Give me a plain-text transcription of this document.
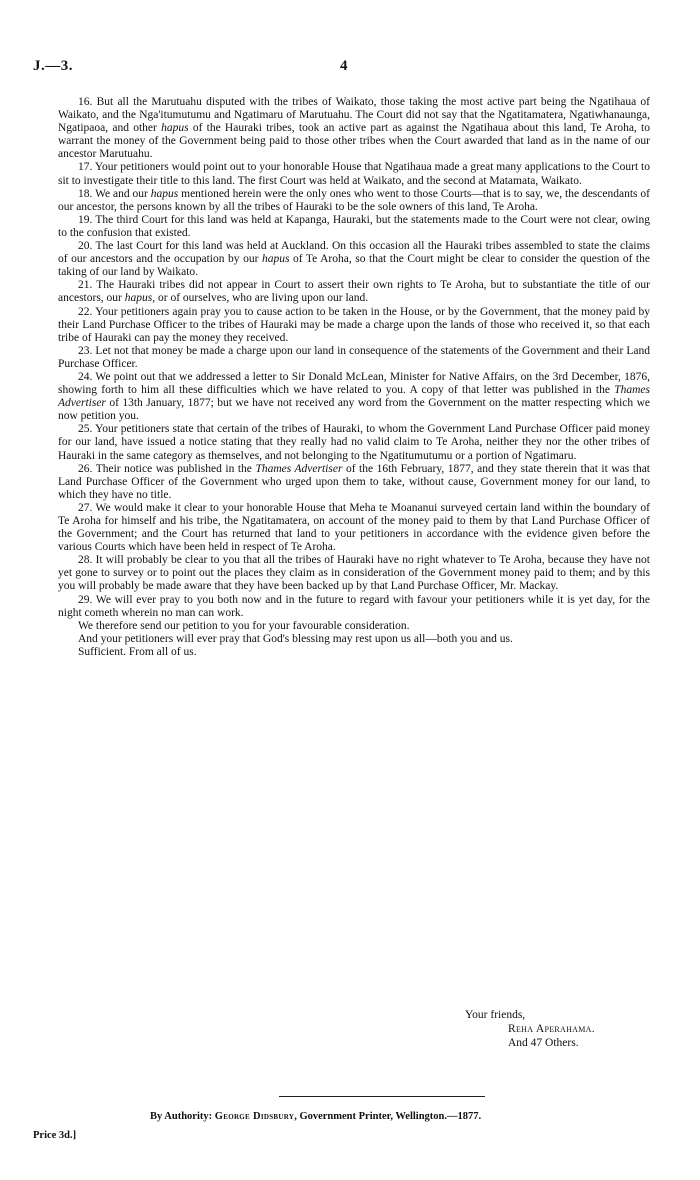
J.—3.	4

16. But all the Marutuahu disputed with the tribes of Waikato, those taking the most active part being the Ngatihaua of Waikato, and the Nga'itumutumu and Ngatimaru of Marutuahu. The Court did not say that the Ngatitamatera, Ngatiwhanaunga, Ngatipaoa, and other hapus of the Hauraki tribes, took an active part as against the Ngatihaua about this land, Te Aroha, to warrant the money of the Government being paid to those other tribes when the Court awarded that land as in the name of our ancestor Marutuahu.

17. Your petitioners would point out to your honorable House that Ngatihaua made a great many applications to the Court to sit to investigate their title to this land. The first Court was held at Waikato, and the second at Matamata, Waikato.

18. We and our hapus mentioned herein were the only ones who went to those Courts—that is to say, we, the descendants of our ancestor, the persons known by all the tribes of Hauraki to be the sole owners of this land, Te Aroha.

19. The third Court for this land was held at Kapanga, Hauraki, but the statements made to the Court were not clear, owing to the confusion that existed.

20. The last Court for this land was held at Auckland. On this occasion all the Hauraki tribes assembled to state the claims of our ancestors and the occupation by our hapus of Te Aroha, so that the Court might be clear to consider the question of the taking of our land by Waikato.

21. The Hauraki tribes did not appear in Court to assert their own rights to Te Aroha, but to substantiate the title of our ancestors, our hapus, or of ourselves, who are living upon our land.

22. Your petitioners again pray you to cause action to be taken in the House, or by the Government, that the money paid by their Land Purchase Officer to the tribes of Hauraki may be made a charge upon the lands of those who received it, so that each tribe of Hauraki can pay the money they received.

23. Let not that money be made a charge upon our land in consequence of the statements of the Government and their Land Purchase Officer.

24. We point out that we addressed a letter to Sir Donald McLean, Minister for Native Affairs, on the 3rd December, 1876, showing forth to him all these difficulties which we have related to you. A copy of that letter was published in the Thames Advertiser of 13th January, 1877; but we have not received any word from the Government on the matter respecting which we now petition you.

25. Your petitioners state that certain of the tribes of Hauraki, to whom the Government Land Purchase Officer paid money for our land, have issued a notice stating that they really had no valid claim to Te Aroha, neither they nor the other tribes of Hauraki in the same category as themselves, and not belonging to the Ngatitumutumu or a portion of Ngatimaru.

26. Their notice was published in the Thames Advertiser of the 16th February, 1877, and they state therein that it was that Land Purchase Officer of the Government who urged upon them to take, without cause, Government money for our land, to which they have no title.

27. We would make it clear to your honorable House that Meha te Moananui surveyed certain land within the boundary of Te Aroha for himself and his tribe, the Ngatitamatera, on account of the money paid to them by that Land Purchase Officer of the Government; and the Court has returned that land to your petitioners in accordance with the evidence given before the various Courts which have been held in respect of Te Aroha.

28. It will probably be clear to you that all the tribes of Hauraki have no right whatever to Te Aroha, because they have not yet gone to survey or to point out the places they claim as in consideration of the Government money paid to them; and by this you will probably be made aware that they have been backed up by that Land Purchase Officer, Mr. Mackay.

29. We will ever pray to you both now and in the future to regard with favour your petitioners while it is yet day, for the night cometh wherein no man can work.

We therefore send our petition to you for your favourable consideration.

And your petitioners will ever pray that God's blessing may rest upon us all—both you and us.

Sufficient. From all of us.

Your friends,
Reha Aperahama.
And 47 Others.
By Authority: George Didsbury, Government Printer, Wellington.—1877.
Price 3d.]
